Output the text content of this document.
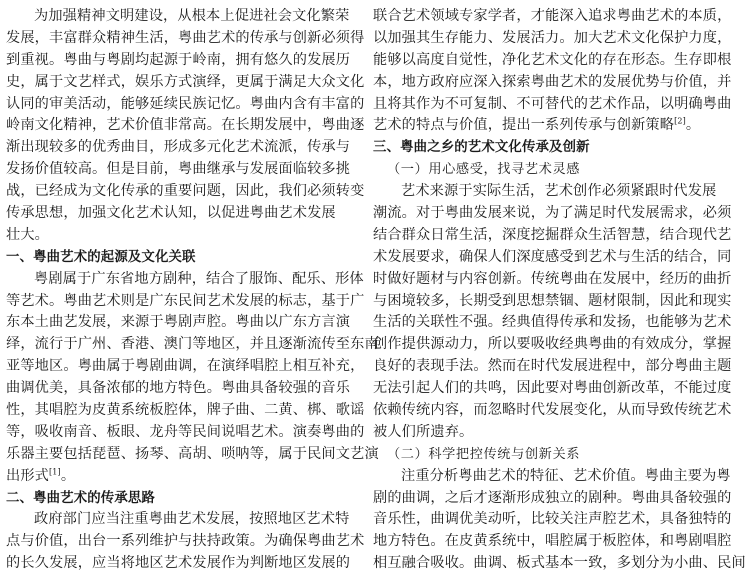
为加强精神文明建设，从根本上促进社会文化繁荣
发展，丰富群众精神生活，粤曲艺术的传承与创新必须得
到重视。粤曲与粤剧均起源于岭南，拥有悠久的发展历
史，属于文艺样式，娱乐方式演绎，更属于满足大众文化
认同的审美活动，能够延续民族记忆。粤曲内含有丰富的
岭南文化精神，艺术价值非常高。在长期发展中，粤曲逐
渐出现较多的优秀曲目，形成多元化艺术流派，传承与
发扬价值较高。但是目前，粤曲继承与发展面临较多挑
战，已经成为文化传承的重要问题，因此，我们必须转变
传承思想，加强文化艺术认知，以促进粤曲艺术发展
壮大。
一、粤曲艺术的起源及文化关联
粤剧属于广东省地方剧种，结合了服饰、配乐、形体
等艺术。粤曲艺术则是广东民间艺术发展的标志，基于广
东本土曲艺发展，来源于粤剧声腔。粤曲以广东方言演
绎，流行于广州、香港、澳门等地区，并且逐渐流传至东南
亚等地区。粤曲属于粤剧曲调，在演绎唱腔上相互补充，
曲调优美，具备浓郁的地方特色。粤曲具备较强的音乐
性，其唱腔为皮黄系统板腔体，牌子曲、二黄、梆、歌谣
等，吸收南音、板眼、龙舟等民间说唱艺术。演奏粤曲的
乐器主要包括琵琶、扬琴、高胡、唢呐等，属于民间文艺演
出形式[1]。
二、粤曲艺术的传承思路
政府部门应当注重粤曲艺术发展，按照地区艺术特
点与价值，出台一系列维护与扶持政策。为确保粤曲艺术
的长久发展，应当将地区艺术发展作为判断地区发展的
联合艺术领域专家学者，才能深入追求粤曲艺术的本质，
以加强其生存能力、发展活力。加大艺术文化保护力度，
能够以高度自觉性，净化艺术文化的存在形态。生存即根
本，地方政府应深入探索粤曲艺术的发展优势与价值，并
且将其作为不可复制、不可替代的艺术作品，以明确粤曲
艺术的特点与价值，提出一系列传承与创新策略[2]。
三、粤曲之乡的艺术文化传承及创新
（一）用心感受，找寻艺术灵感
艺术来源于实际生活，艺术创作必须紧跟时代发展
潮流。对于粤曲发展来说，为了满足时代发展需求，必须
结合群众日常生活，深度挖掘群众生活智慧，结合现代艺
术发展要求，确保人们深度感受到艺术与生活的结合，同
时做好题材与内容创新。传统粤曲在发展中，经历的曲折
与困境较多，长期受到思想禁锢、题材限制，因此和现实
生活的关联性不强。经典值得传承和发扬，也能够为艺术
创作提供源动力，所以要吸收经典粤曲的有效成分，掌握
良好的表现手法。然而在时代发展进程中，部分粤曲主题
无法引起人们的共鸣，因此要对粤曲创新改革，不能过度
依赖传统内容，而忽略时代发展变化，从而导致传统艺术
被人们所遗弃。
（二）科学把控传统与创新关系
注重分析粤曲艺术的特征、艺术价值。粤曲主要为粤
剧的曲调，之后才逐渐形成独立的剧种。粤曲具备较强的
音乐性，曲调优美动听，比较关注声腔艺术，具备独特的
地方特色。在皮黄系统中，唱腔属于板腔体，和粤剧唱腔
相互融合吸收。曲调、板式基本一致，多划分为小曲、民间
